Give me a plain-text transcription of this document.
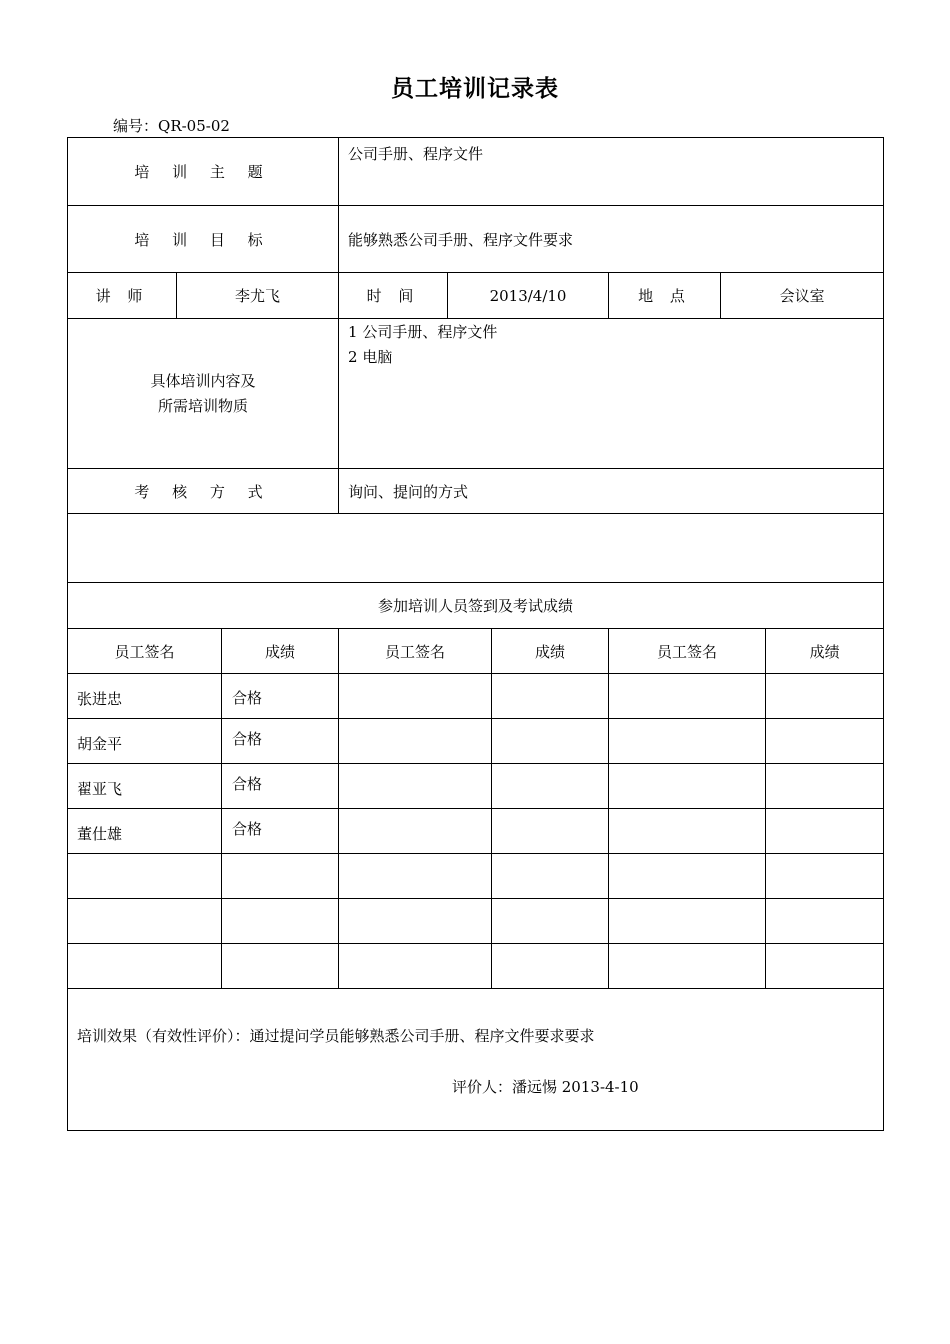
员工培训记录表
编号：QR-05-02
培 训 主 题			公司手册、程序文件					
培 训 目 标			能够熟悉公司手册、程序文件要求					
讲 师	李尤飞		时 间	2013/4/10		地 点	会议室	

具体培训内容及
所需培训物质			1 公司手册、程序文件
2 电脑					

考 核 方 式			询问、提问的方式					

参加培训人员签到及考试成绩								
员工签名		成绩	员工签名		成绩	员工签名		成绩
张进忠		合格						
胡金平		合格						
翟亚飞		合格						
董仕雄		合格						

培训效果（有效性评价）：通过提问学员能够熟悉公司手册、程序文件要求要求
评价人：潘远惕 2013-4-10								
